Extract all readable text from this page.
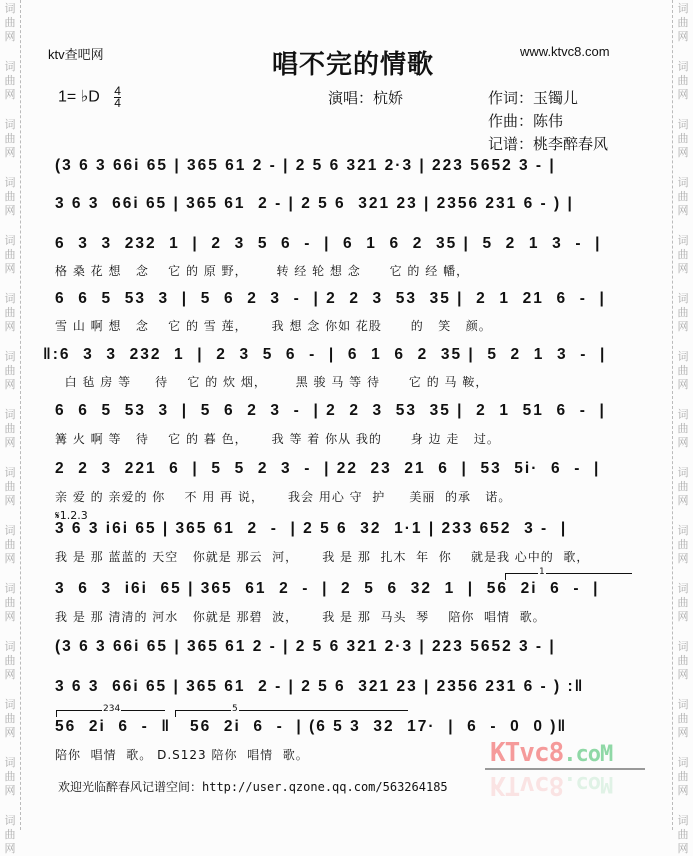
词
曲
网
词
曲
网
词
曲
网
词
曲
网
词
曲
网
词
曲
网
词
曲
网
词
曲
网
词
曲
网
词
曲
网
词
曲
网
词
曲
网
词
曲
网
词
曲
网
词
曲
网
词
曲
网
词
曲
网
词
曲
网
词
曲
网
词
曲
网
词
曲
网
词
曲
网
词
曲
网
词
曲
网
词
曲
网
词
曲
网
词
曲
网
词
曲
网
词
曲
网
词
曲
网
ktv查吧网	唱不完的情歌	www.ktvc8.com
1= ♭D $\frac{4}{4}$	演唱：杭娇	作词：玉镯儿
作曲：陈伟
记谱：桃李醉春风
(3 6 3 66i 65 | 365 61 2 - | 2 5 6 321 2·3 | 223 5652 3 - |
3 6 3  66i 65 | 365 61  2 - | 2 5 6  321 23 | 2356 231 6 - ) |
6  3  3  232  1  |  2  3  5  6  -  |  6  1  6  2  35 |  5  2  1  3  -  |
格 桑 花 想   念    它 的 原 野，      转 经 轮 想 念      它 的 经 幡，
6  6  5  53  3  |  5  6  2  3  -  | 2  2  3  53  35 |  2  1  21  6  -  |
雪 山 啊 想   念    它 的 雪 莲，     我 想 念 你如 花股      的   笑   颜。
‖:6  3  3  232  1  |  2  3  5  6  -  |  6  1  6  2  35 |  5  2  1  3  -  |
白 毡 房 等     待    它 的 炊 烟，      黑 骏 马 等 待      它 的 马 鞍，
6  6  5  53  3  |  5  6  2  3  -  | 2  2  3  53  35 |  2  1  51  6  -  |
篝 火 啊 等   待    它 的 暮 色，     我 等 着 你从 我的      身 边 走   过。
2  2  3  221  6  |  5  5  2  3  -  | 22  23  21  6  |  53  5i·  6  -  |
亲 爱 的 亲爱的 你    不 用 再 说，     我会 用心 守  护     美丽  的承   诺。
𝄋1.2.3
3 6 3 i6i 65 | 365 61  2  -  | 2 5 6  32  1·1 | 233 652  3 -  |
我 是 那 蓝蓝的 天空   你就是 那云  河，     我 是 那  扎木  年  你    就是我 心中的  歌，
1
3  6  3  i6i  65 | 365  61  2  -  |  2  5  6  32  1  |  56  2i  6  -  |
我 是 那 清清的 河水   你就是 那碧  波，     我 是 那  马头  琴    陪你  唱情  歌。
(3 6 3 66i 65 | 365 61 2 - | 2 5 6 321 2·3 | 223 5652 3 - |
3 6 3  66i 65 | 365 61  2 - | 2 5 6  321 23 | 2356 231 6 - ) :‖
234	5
56  2i  6  -  ‖   56  2i  6  -  | (6 5 3  32  17·  |  6  -  0  0 )‖
陪你  唱情  歌。 D.S123 陪你  唱情  歌。	KTvc8.coM
KTvc8.coM
欢迎光临醉春风记谱空间：http://user.qzone.qq.com/563264185
